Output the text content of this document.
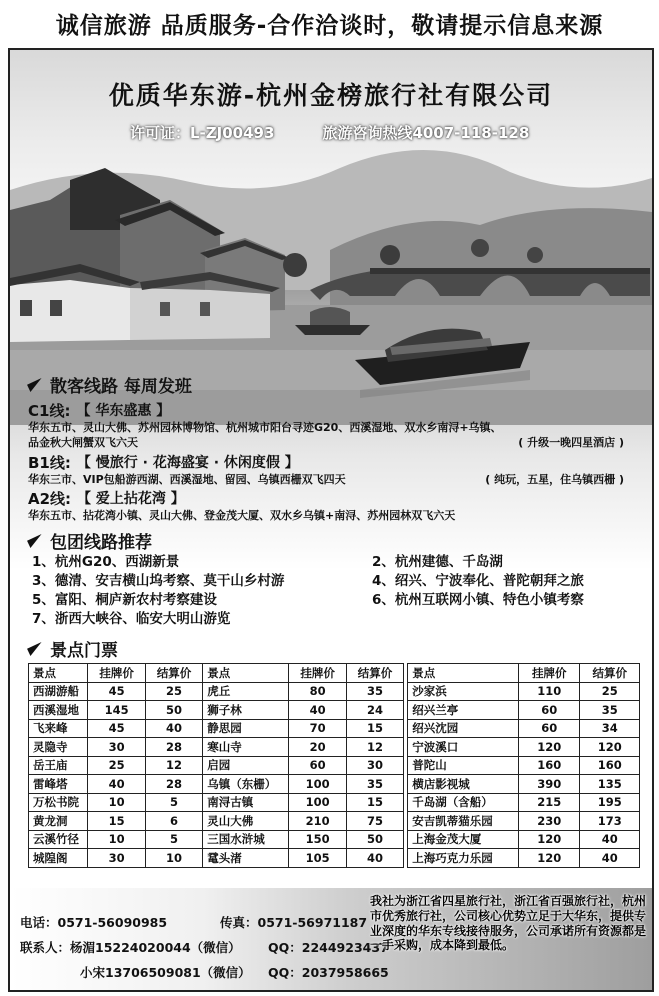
诚信旅游 品质服务-合作洽谈时，敬请提示信息来源
优质华东游-杭州金榜旅行社有限公司
许可证：L-ZJ00493	旅游咨询热线4007-118-128
散客线路 每周发班
C1线: 【 华东盛惠 】
华东五市、灵山大佛、苏州园林博物馆、杭州城市阳台寻迹G20、西溪湿地、双水乡南浔+乌镇、
品金秋大闸蟹双飞六天	( 升级一晚四星酒店 )
B1线: 【 慢旅行 · 花海盛宴 · 休闲度假 】
华东三市、VIP包船游西湖、西溪湿地、留园、乌镇西栅双飞四天	( 纯玩，五星，住乌镇西栅 )
A2线: 【 爱上拈花湾 】
华东五市、拈花湾小镇、灵山大佛、登金茂大厦、双水乡乌镇+南浔、苏州园林双飞六天
包团线路推荐
1、杭州G20、西湖新景	2、杭州建德、千岛湖
3、德清、安吉横山坞考察、莫干山乡村游	4、绍兴、宁波奉化、普陀朝拜之旅
5、富阳、桐庐新农村考察建设	6、杭州互联网小镇、特色小镇考察
7、浙西大峡谷、临安大明山游览
景点门票
景点	挂牌价	结算价	景点	挂牌价	结算价		景点	挂牌价	结算价
西湖游船	45	25	虎丘	80	35		沙家浜	110	25
西溪湿地	145	50	狮子林	40	24		绍兴兰亭	60	35
飞来峰	45	40	静思园	70	15		绍兴沈园	60	34
灵隐寺	30	28	寒山寺	20	12		宁波溪口	120	120
岳王庙	25	12	启园	60	30		普陀山	160	160
雷峰塔	40	28	乌镇（东栅）	100	35		横店影视城	390	135
万松书院	10	5	南浔古镇	100	15		千岛湖（含船）	215	195
黄龙洞	15	6	灵山大佛	210	75		安吉凯蒂猫乐园	230	173
云溪竹径	10	5	三国水浒城	150	50		上海金茂大厦	120	40
城隍阁	30	10	鼋头渚	105	40		上海巧克力乐园	120	40
电话：0571-56090985	传真：0571-56971187
联系人：杨湄15224020044（微信）	QQ：2244923437
小宋13706509081（微信）	QQ：2037958665
我社为浙江省四星旅行社，浙江省百强旅行社，杭州市优秀旅行社，公司核心优势立足于大华东，提供专业深度的华东专线接待服务，公司承诺所有资源都是一手采购，成本降到最低。
